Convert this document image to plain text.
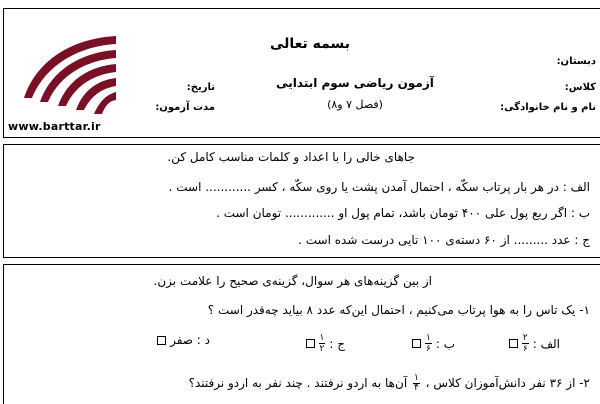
www.barttar.ir
بسمه تعالی
آزمون ریاضی سوم ابتدایی
(فصل ۷ و۸)
تاریخ:
مدت آزمون:
دبستان:
کلاس:
نام و نام خانوادگی:
جاهای خالی را با اعداد و کلمات مناسب کامل کن.
الف : در هر بار پرتاب سکّه ، احتمال آمدن پشت یا روی سکّه ، کسر ............ است .
ب : اگر ربع پول علی ۴۰۰ تومان باشد، تمام پول او ............. تومان است .
ج : عدد ......... از ۶۰ دسته‌ی ۱۰۰ تایی درست شده است .
از بین گزینه‌های هر سوال، گزینه‌ی صحیح را علامت بزن.
۱- یک تاس را به هوا پرتاب می‌کنیم ، احتمال این‌که عدد ۸ بیاید چه‌قدر است ؟
الف :
$\frac{۲}{۶}$
ب :
$\frac{۱}{۶}$
ج :
$\frac{۱}{۲}$
د : صفر
۲- از ۳۶ نفر دانش‌آموزان کلاس ،
$\frac{۱}{۴}$
آن‌ها به اردو نرفتند . چند نفر به اردو نرفتند؟
